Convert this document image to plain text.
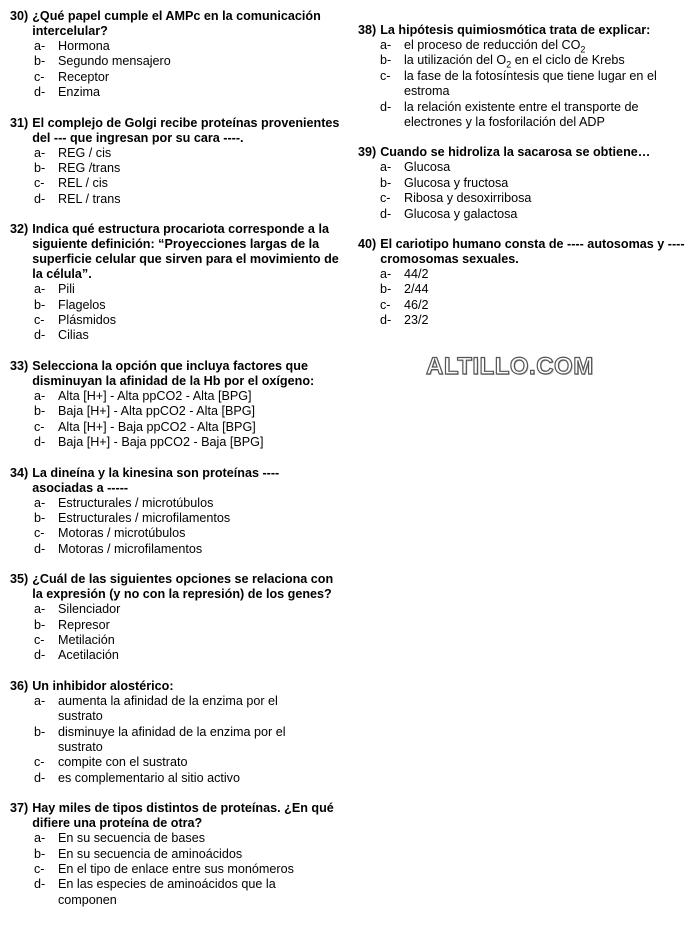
30) ¿Qué papel cumple el AMPc en la comunicación intercelular?
a-	Hormona
b-	Segundo mensajero
c-	Receptor
d-	Enzima
31) El complejo de Golgi recibe proteínas provenientes del --- que ingresan por su cara ----.
a-	REG / cis
b-	REG /trans
c-	REL / cis
d-	REL / trans
32) Indica qué estructura procariota corresponde a la siguiente definición: “Proyecciones largas de la superficie celular que sirven para el movimiento de la célula”.
a-	Pili
b-	Flagelos
c-	Plásmidos
d-	Cilias
33) Selecciona la opción que incluya factores que disminuyan la afinidad de la Hb por el oxígeno:
a-	Alta [H+] - Alta ppCO2 - Alta [BPG]
b-	Baja [H+] - Alta ppCO2 - Alta [BPG]
c-	Alta [H+] - Baja ppCO2 - Alta [BPG]
d-	Baja [H+] - Baja ppCO2 - Baja [BPG]
34) La dineína y la kinesina son proteínas ---- asociadas a -----
a-	Estructurales / microtúbulos
b-	Estructurales / microfilamentos
c-	Motoras / microtúbulos
d-	Motoras / microfilamentos
35) ¿Cuál de las siguientes opciones se relaciona con la expresión (y no con la represión) de los genes?
a-	Silenciador
b-	Represor
c-	Metilación
d-	Acetilación
36) Un inhibidor alostérico:
a-	aumenta la afinidad de la enzima por el sustrato
b-	disminuye la afinidad de la enzima por el sustrato
c-	compite con el sustrato
d-	es complementario al sitio activo
37) Hay miles de tipos distintos de proteínas. ¿En qué difiere una proteína de otra?
a-	En su secuencia de bases
b-	En su secuencia de aminoácidos
c-	En el tipo de enlace entre sus monómeros
d-	En las especies de aminoácidos que la componen
38) La hipótesis quimiosmótica trata de explicar:
a-	el proceso de reducción del $CO_2$
b-	la utilización del $O_2$ en el ciclo de Krebs
c-	la fase de la fotosíntesis que tiene lugar en el estroma
d-	la relación existente entre el transporte de electrones y la fosforilación del ADP
39) Cuando se hidroliza la sacarosa se obtiene…
a-	Glucosa
b-	Glucosa y fructosa
c-	Ribosa y desoxirribosa
d-	Glucosa y galactosa
40) El cariotipo humano consta de ---- autosomas y ----cromosomas sexuales.
a-	44/2
b-	2/44
c-	46/2
d-	23/2
ALTILLO.COM
